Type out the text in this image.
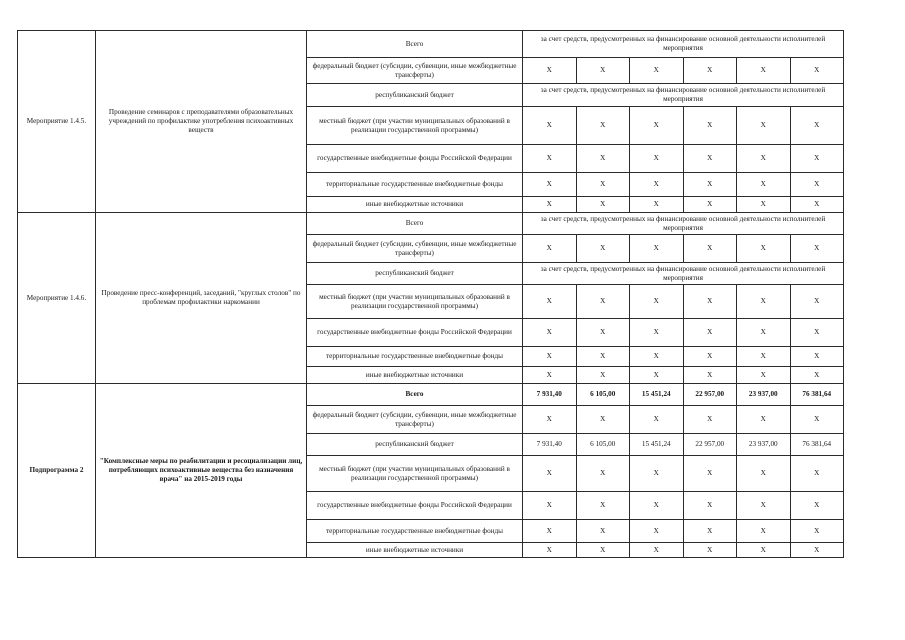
Мероприятие 1.4.5.	Проведение семинаров с преподавателями образовательных учреждений по профилактике употребления психоактивных веществ	Всего	за счет средств, предусмотренных на финансирование основной деятельности исполнителей мероприятия					
		федеральный бюджет (субсидии, субвенции, иные межбюджетные трансферты)	X	X	X	X	X	X
		республиканский бюджет	за счет средств, предусмотренных на финансирование основной деятельности исполнителей мероприятия					
		местный бюджет (при участии муниципальных образований в реализации государственной программы)	X	X	X	X	X	X
		государственные внебюджетные фонды Российской Федерации	X	X	X	X	X	X
		территориальные государственные внебюджетные фонды	X	X	X	X	X	X
		иные внебюджетные источники	X	X	X	X	X	X
Мероприятие 1.4.6.	Проведение пресс-конференций, заседаний, "круглых столов" по проблемам профилактики наркомании	Всего	за счет средств, предусмотренных на финансирование основной деятельности исполнителей мероприятия					
		федеральный бюджет (субсидии, субвенции, иные межбюджетные трансферты)	X	X	X	X	X	X
		республиканский бюджет	за счет средств, предусмотренных на финансирование основной деятельности исполнителей мероприятия					
		местный бюджет (при участии муниципальных образований в реализации государственной программы)	X	X	X	X	X	X
		государственные внебюджетные фонды Российской Федерации	X	X	X	X	X	X
		территориальные государственные внебюджетные фонды	X	X	X	X	X	X
		иные внебюджетные источники	X	X	X	X	X	X
Подпрограмма 2	"Комплексные меры по реабилитации и ресоциализации лиц, потребляющих психоактивные вещества без назначения врача" на 2015-2019 годы	Всего	7 931,40	6 105,00	15 451,24	22 957,00	23 937,00	76 381,64
		федеральный бюджет (субсидии, субвенции, иные межбюджетные трансферты)	X	X	X	X	X	X
		республиканский бюджет	7 931,40	6 105,00	15 451,24	22 957,00	23 937,00	76 381,64
		местный бюджет (при участии муниципальных образований в реализации государственной программы)	X	X	X	X	X	X
		государственные внебюджетные фонды Российской Федерации	X	X	X	X	X	X
		территориальные государственные внебюджетные фонды	X	X	X	X	X	X
		иные внебюджетные источники	X	X	X	X	X	X
